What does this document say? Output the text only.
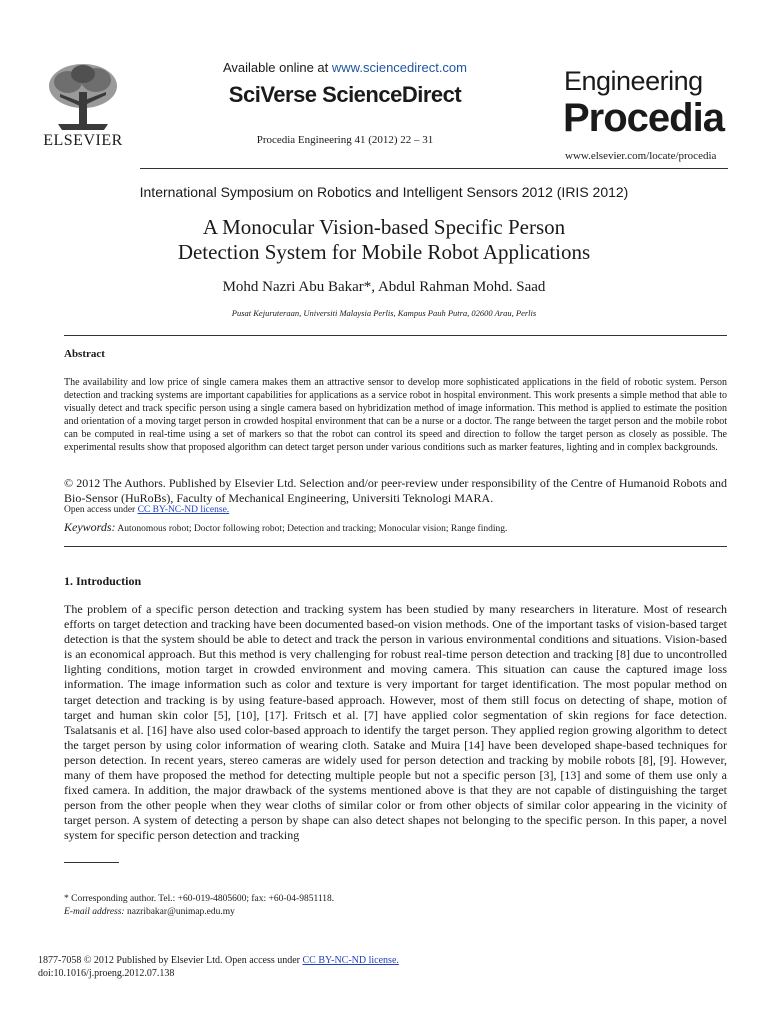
ELSEVIER
Available online at www.sciencedirect.com
SciVerse ScienceDirect
Procedia Engineering 41 (2012) 22 – 31
Engineering
Procedia
www.elsevier.com/locate/procedia
International Symposium on Robotics and Intelligent Sensors 2012 (IRIS 2012)
A Monocular Vision-based Specific Person
Detection System for Mobile Robot Applications
Mohd Nazri Abu Bakar*, Abdul Rahman Mohd. Saad
Pusat Kejuruteraan, Universiti Malaysia Perlis, Kampus Pauh Putra, 02600 Arau, Perlis
Abstract
The availability and low price of single camera makes them an attractive sensor to develop more sophisticated applications in the field of robotic system. Person detection and tracking systems are important capabilities for applications as a service robot in hospital environment. This work presents a simple method that able to visually detect and track specific person using a single camera based on hybridization method of image information. This method is applied to estimate the position and orientation of a moving target person in crowded hospital environment that can be a nurse or a doctor. The range between the target person and the mobile robot can be computed in real-time using a set of markers so that the robot can control its speed and direction to follow the target person as closely as possible. The experimental results show that proposed algorithm can detect target person under various conditions such as marker features, lighting and in complex backgrounds.
© 2012 The Authors. Published by Elsevier Ltd. Selection and/or peer-review under responsibility of the Centre of Humanoid Robots and Bio-Sensor (HuRoBs), Faculty of Mechanical Engineering, Universiti Teknologi MARA.
Open access under CC BY-NC-ND license.
Keywords: Autonomous robot; Doctor following robot; Detection and tracking; Monocular vision; Range finding.
1. Introduction
The problem of a specific person detection and tracking system has been studied by many researchers in literature. Most of research efforts on target detection and tracking have been documented based-on vision methods. One of the important tasks of vision-based target detection is that the system should be able to detect and track the person in various environmental conditions and situations. Vision-based is an economical approach. But this method is very challenging for robust real-time person detection and tracking [8] due to uncontrolled lighting conditions, motion target in crowded environment and moving camera. This situation can cause the captured image loss information. The image information such as color and texture is very important for target identification. The most popular method on target detection and tracking is by using feature-based approach. However, most of them still focus on detecting of shape, motion of target and human skin color [5], [10], [17]. Fritsch et al. [7] have applied color segmentation of skin regions for face detection. Tsalatsanis et al. [16] have also used color-based approach to identify the target person. They applied region growing algorithm to detect the target person by using color information of wearing cloth. Satake and Muira [14] have been developed shape-based techniques for person detection. In recent years, stereo cameras are widely used for person detection and tracking by mobile robots [8], [9]. However, many of them have proposed the method for detecting multiple people but not a specific person [3], [13] and some of them use only a fixed camera. In addition, the major drawback of the systems mentioned above is that they are not capable of distinguishing the target person from the other people when they wear cloths of similar color or from other objects of similar color appearing in the vicinity of target person. A system of detecting a person by shape can also detect shapes not belonging to the specific person. In this paper, a novel system for specific person detection and tracking
* Corresponding author. Tel.: +60-019-4805600; fax: +60-04-9851118.
E-mail address: nazribakar@unimap.edu.my
1877-7058 © 2012 Published by Elsevier Ltd. Open access under CC BY-NC-ND license.
doi:10.1016/j.proeng.2012.07.138
